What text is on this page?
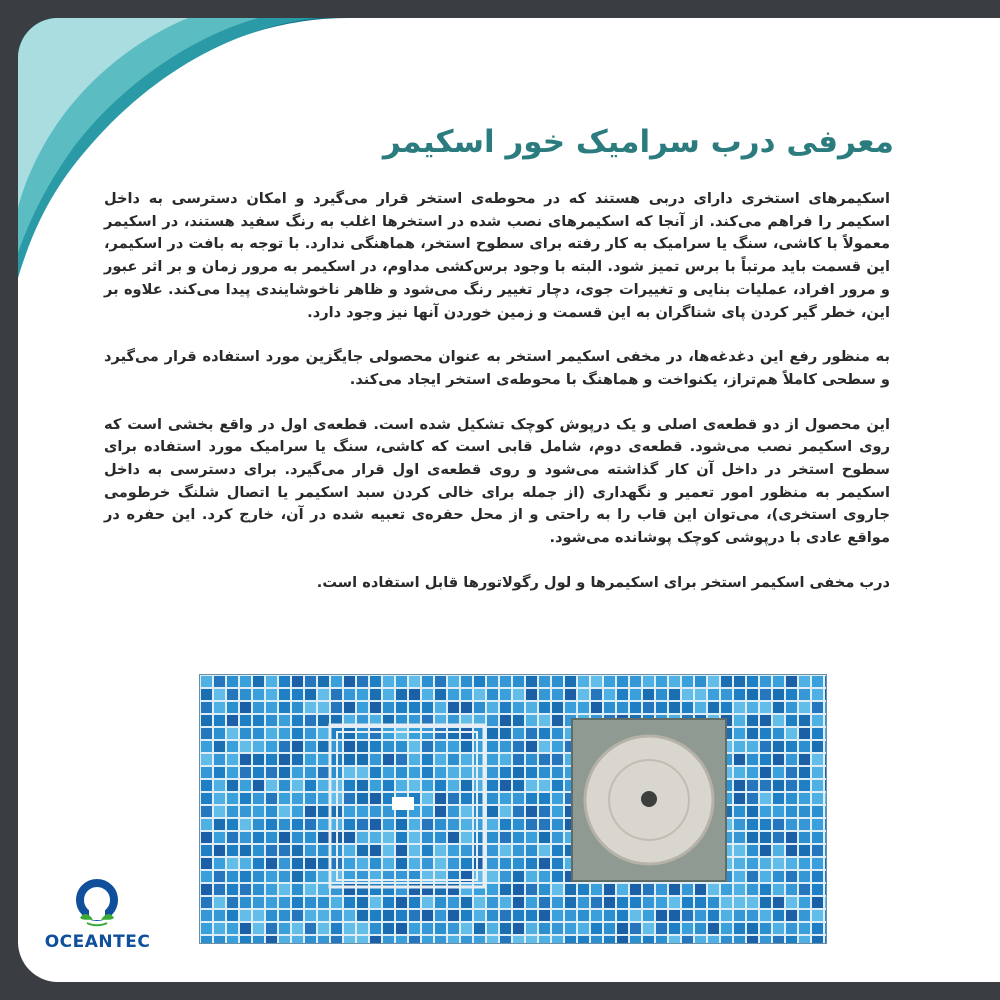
معرفی درب سرامیک خور اسکیمر

اسکیمرهای استخری دارای دربی هستند که در محوطه‌ی استخر قرار می‌گیرد و امکان دسترسی به داخل اسکیمر را فراهم می‌کند. از آنجا که اسکیمرهای نصب شده در استخرها اغلب به رنگ سفید هستند، در اسکیمر معمولاً با کاشی، سنگ یا سرامیک به کار رفته برای سطوح استخر، هماهنگی ندارد. با توجه به بافت در اسکیمر، این قسمت باید مرتباً با برس تمیز شود. البته با وجود برس‌کشی مداوم، در اسکیمر به مرور زمان و بر اثر عبور و مرور افراد، عملیات بنایی و تغییرات جوی، دچار تغییر رنگ می‌شود و ظاهر ناخوشایندی پیدا می‌کند. علاوه بر این، خطر گیر کردن پای شناگران به این قسمت و زمین خوردن آنها نیز وجود دارد.

به منظور رفع این دغدغه‌ها، در مخفی اسکیمر استخر به عنوان محصولی جایگزین مورد استفاده قرار می‌گیرد و سطحی کاملاً هم‌تراز، یکنواخت و هماهنگ با محوطه‌ی استخر ایجاد می‌کند.

این محصول از دو قطعه‌ی اصلی و یک درپوش کوچک تشکیل شده است. قطعه‌ی اول در واقع بخشی است که روی اسکیمر نصب می‌شود. قطعه‌ی دوم، شامل قابی است که کاشی، سنگ یا سرامیک مورد استفاده برای سطوح استخر در داخل آن کار گذاشته می‌شود و روی قطعه‌ی اول قرار می‌گیرد. برای دسترسی به داخل اسکیمر به منظور امور تعمیر و نگهداری (از جمله برای خالی کردن سبد اسکیمر یا اتصال شلنگ خرطومی جاروی استخری)، می‌توان این قاب را به راحتی و از محل حفره‌ی تعبیه شده در آن، خارج کرد. این حفره در مواقع عادی با درپوشی کوچک پوشانده می‌شود.

درب مخفی اسکیمر استخر برای اسکیمرها و لول رگولاتورها قابل استفاده است.

OCEANTEC
